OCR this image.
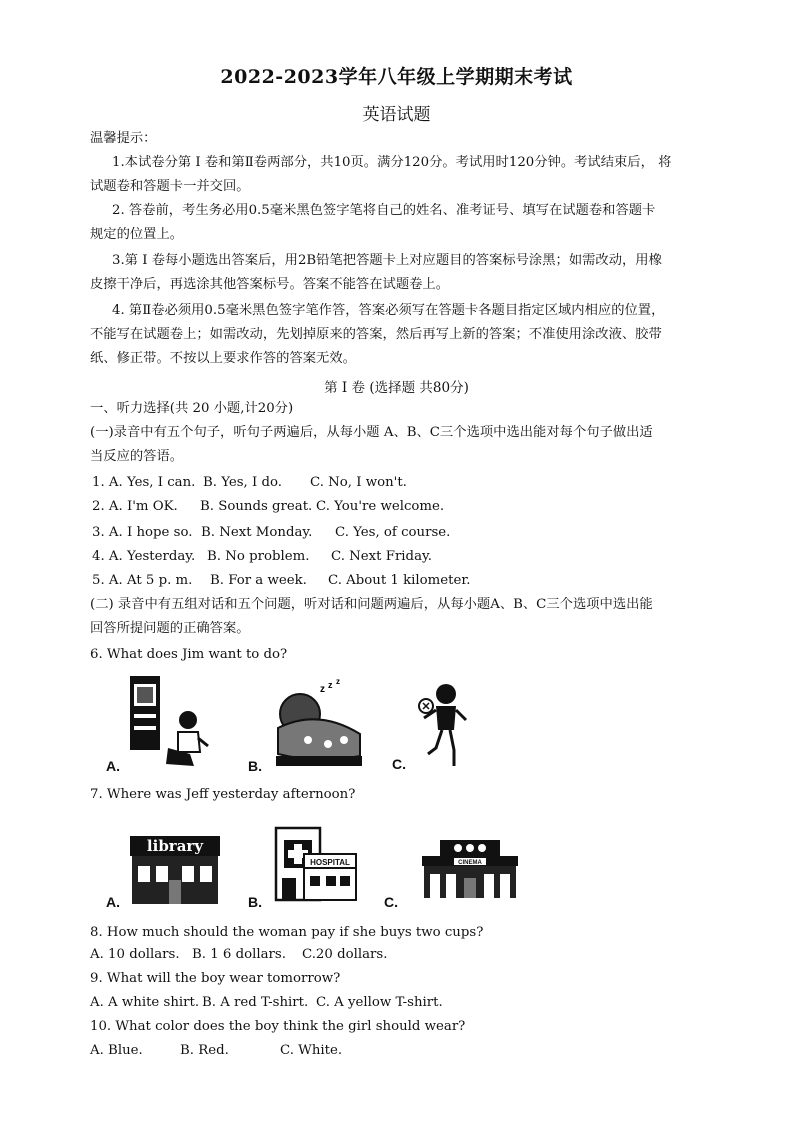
2022-2023学年八年级上学期期末考试
英语试题
温馨提示：
1.本试卷分第 I 卷和第Ⅱ卷两部分，共10页。满分120分。考试用时120分钟。考试结束后， 将
试题卷和答题卡一并交回。
2. 答卷前，考生务必用0.5毫米黑色签字笔将自己的姓名、准考证号、填写在试题卷和答题卡
规定的位置上。
3.第 I 卷每小题选出答案后，用2B铅笔把答题卡上对应题目的答案标号涂黑；如需改动，用橡
皮擦干净后，再选涂其他答案标号。答案不能答在试题卷上。
4. 第Ⅱ卷必须用0.5毫米黑色签字笔作答，答案必须写在答题卡各题目指定区域内相应的位置，
不能写在试题卷上；如需改动，先划掉原来的答案，然后再写上新的答案；不准使用涂改液、胶带
纸、修正带。不按以上要求作答的答案无效。
第 I 卷 (选择题 共80分)
一、听力选择(共 20 小题,计20分)
(一)录音中有五个句子，听句子两遍后，从每小题 A、B、C三个选项中选出能对每个句子做出适
当反应的答语。
1. A. Yes, I can. B. Yes, I do. C. No, I won't.
2. A. I'm OK. B. Sounds great. C. You're welcome.
3. A. I hope so. B. Next Monday. C. Yes, of course.
4. A. Yesterday. B. No problem. C. Next Friday.
5. A. At 5 p. m. B. For a week. C. About 1 kilometer.
(二) 录音中有五组对话和五个问题，听对话和问题两遍后，从每小题A、B、C三个选项中选出能
回答所提问题的正确答案。
6. What does Jim want to do?
A.
z z z
B.	C.
7. Where was Jeff yesterday afternoon?
library
A.
HOSPITAL
B.
CINEMA
C.
8. How much should the woman pay if she buys two cups?
A. 10 dollars. B. 1 6 dollars. C.20 dollars.
9. What will the boy wear tomorrow?
A. A white shirt. B. A red T-shirt. C. A yellow T-shirt.
10. What color does the boy think the girl should wear?
A. Blue.	B. Red.	C. White.
